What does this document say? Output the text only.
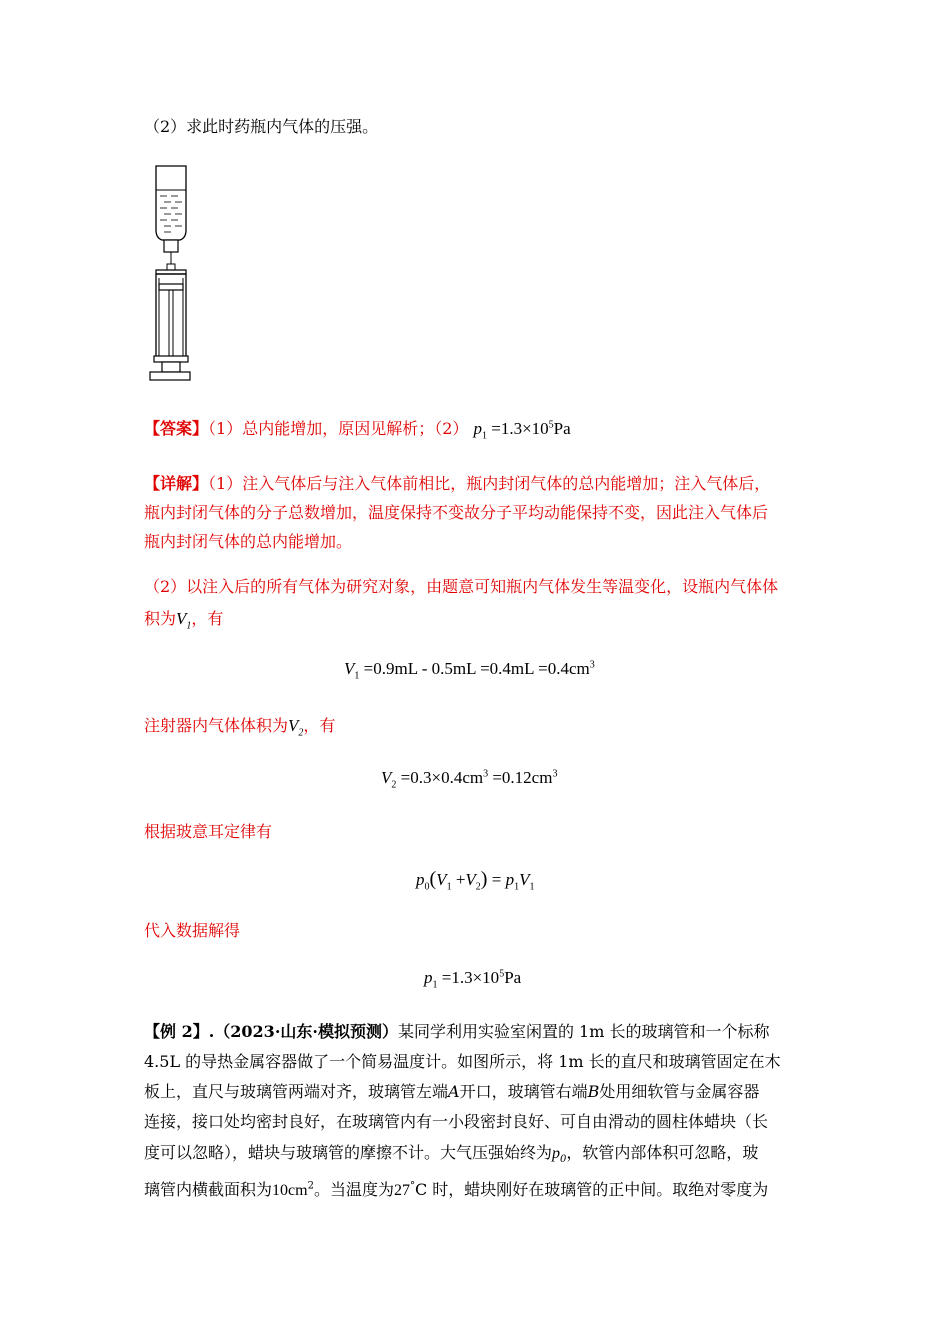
（2）求此时药瓶内气体的压强。
【答案】（1）总内能增加，原因见解析；（2） $p_1 =1.3\times 10^5Pa$
【详解】（1）注入气体后与注入气体前相比，瓶内封闭气体的总内能增加；注入气体后，
瓶内封闭气体的分子总数增加，温度保持不变故分子平均动能保持不变，因此注入气体后
瓶内封闭气体的总内能增加。
（2）以注入后的所有气体为研究对象，由题意可知瓶内气体发生等温变化，设瓶内气体体
积为$V_1$，有
$V_1 =0.9mL - 0.5mL =0.4mL =0.4cm^3$
注射器内气体体积为$V_2$，有
$V_2 =0.3\times 0.4cm^3 =0.12cm^3$
根据玻意耳定律有
$p_0(V_1 +V_2) = p_1V_1$
代入数据解得
$p_1 =1.3\times 10^5Pa$
【例 2】.（2023·山东·模拟预测）某同学利用实验室闲置的 1m 长的玻璃管和一个标称
4.5L 的导热金属容器做了一个简易温度计。如图所示，将 1m 长的直尺和玻璃管固定在木
板上，直尺与玻璃管两端对齐，玻璃管左端A开口，玻璃管右端B处用细软管与金属容器
连接，接口处均密封良好，在玻璃管内有一小段密封良好、可自由滑动的圆柱体蜡块（长
度可以忽略），蜡块与玻璃管的摩擦不计。大气压强始终为$p_0$，软管内部体积可忽略，玻
璃管内横截面积为$10cm^2$。当温度为27°C 时，蜡块刚好在玻璃管的正中间。取绝对零度为
